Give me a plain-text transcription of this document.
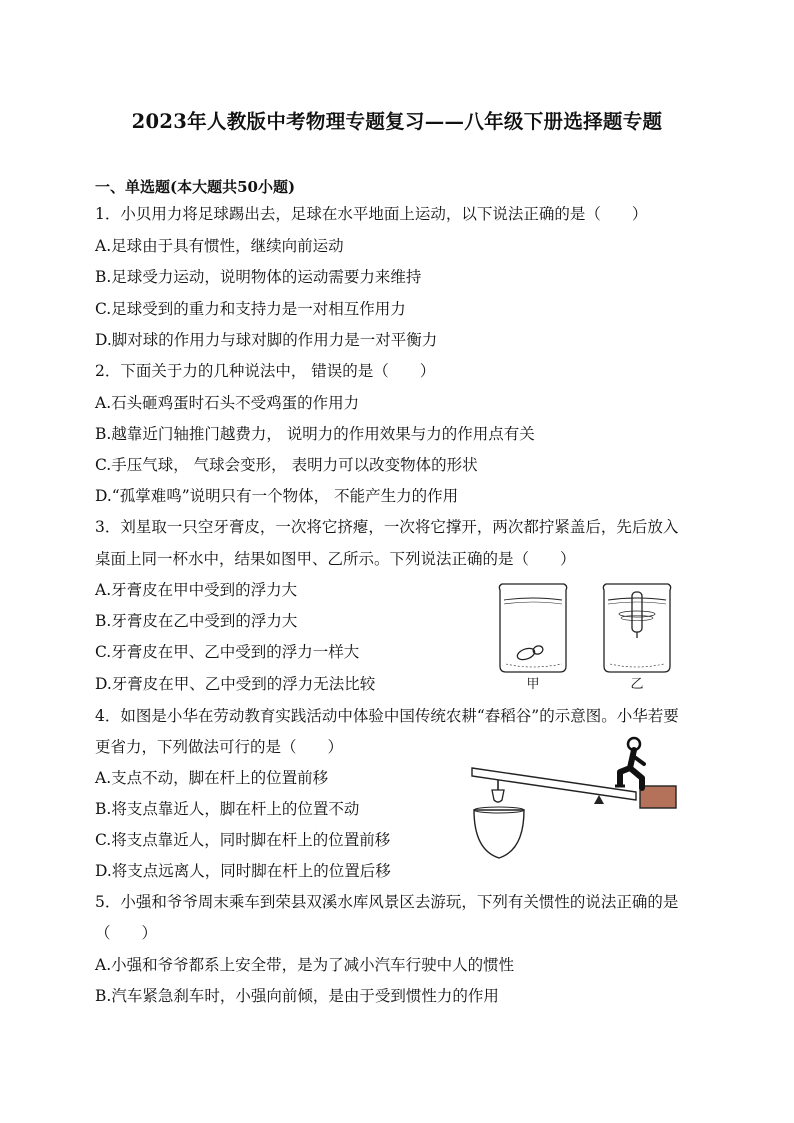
2023年人教版中考物理专题复习——八年级下册选择题专题
一、单选题(本大题共50小题)
1．小贝用力将足球踢出去，足球在水平地面上运动，以下说法正确的是（　　）
A.足球由于具有惯性，继续向前运动
B.足球受力运动，说明物体的运动需要力来维持
C.足球受到的重力和支持力是一对相互作用力
D.脚对球的作用力与球对脚的作用力是一对平衡力
2．下面关于力的几种说法中， 错误的是（　　）
A.石头砸鸡蛋时石头不受鸡蛋的作用力
B.越靠近门轴推门越费力， 说明力的作用效果与力的作用点有关
C.手压气球， 气球会变形， 表明力可以改变物体的形状
D.“孤掌难鸣”说明只有一个物体， 不能产生力的作用
3．刘星取一只空牙膏皮，一次将它挤瘪，一次将它撑开，两次都拧紧盖后，先后放入
桌面上同一杯水中，结果如图甲、乙所示。下列说法正确的是（　　）
A.牙膏皮在甲中受到的浮力大
B.牙膏皮在乙中受到的浮力大
C.牙膏皮在甲、乙中受到的浮力一样大
D.牙膏皮在甲、乙中受到的浮力无法比较	甲	乙
4．如图是小华在劳动教育实践活动中体验中国传统农耕“舂稻谷”的示意图。小华若要
更省力，下列做法可行的是（　　）
A.支点不动，脚在杆上的位置前移
B.将支点靠近人，脚在杆上的位置不动
C.将支点靠近人，同时脚在杆上的位置前移
D.将支点远离人，同时脚在杆上的位置后移
5．小强和爷爷周末乘车到荣县双溪水库风景区去游玩，下列有关惯性的说法正确的是
（　　）
A.小强和爷爷都系上安全带，是为了减小汽车行驶中人的惯性
B.汽车紧急刹车时，小强向前倾，是由于受到惯性力的作用
